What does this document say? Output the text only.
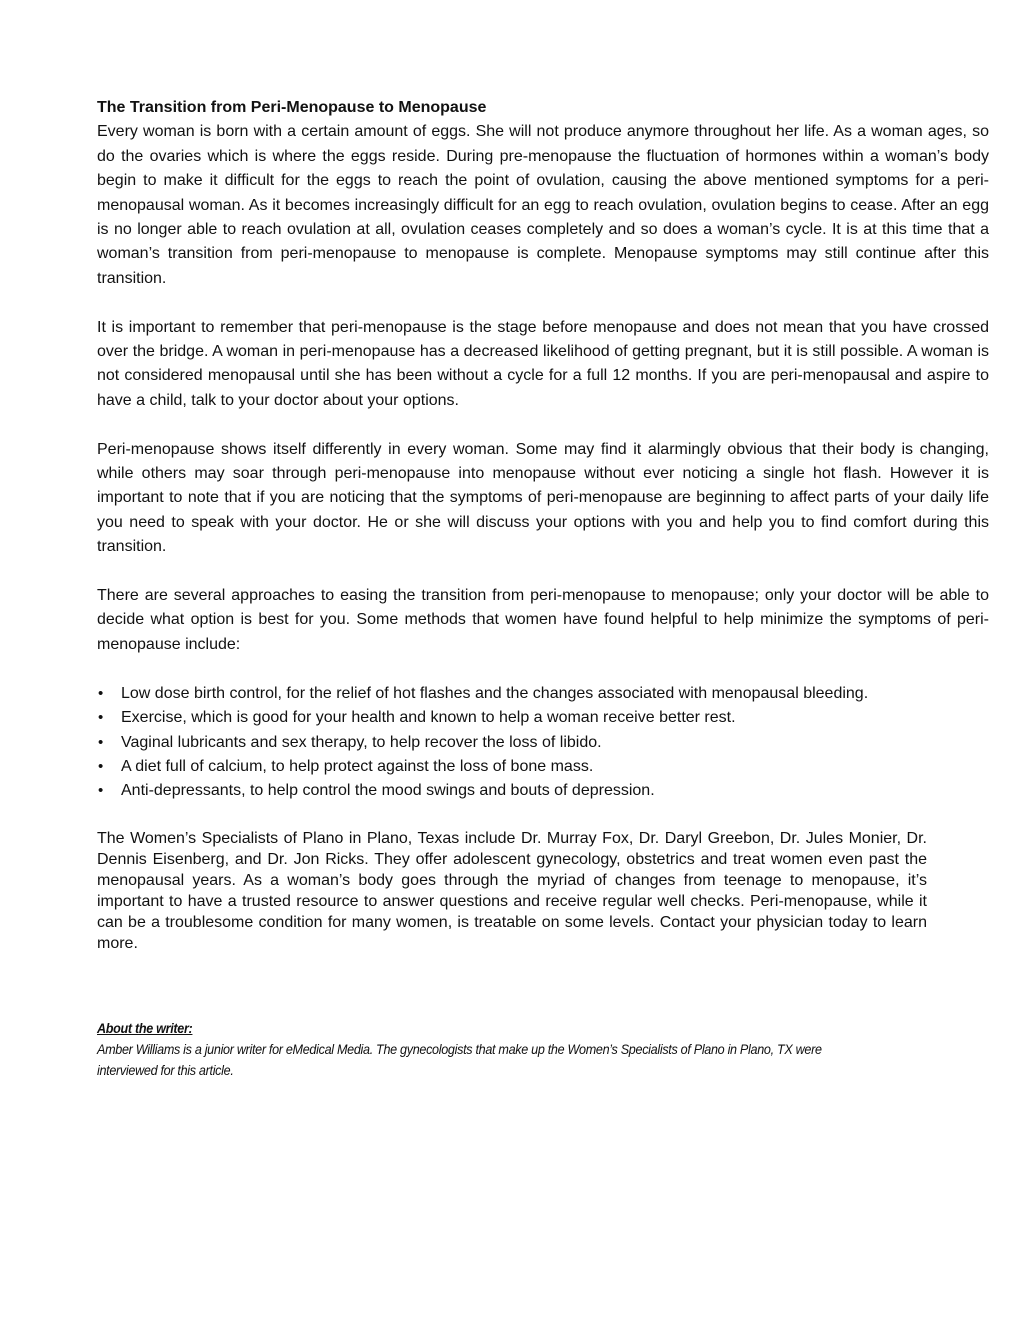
The Transition from Peri-Menopause to Menopause

Every woman is born with a certain amount of eggs. She will not produce anymore throughout her life. As a woman ages, so do the ovaries which is where the eggs reside. During pre-menopause the fluctuation of hormones within a woman’s body begin to make it difficult for the eggs to reach the point of ovulation, causing the above mentioned symptoms for a peri-menopausal woman. As it becomes increasingly difficult for an egg to reach ovulation, ovulation begins to cease. After an egg is no longer able to reach ovulation at all, ovulation ceases completely and so does a woman’s cycle. It is at this time that a woman’s transition from peri-menopause to menopause is complete. Menopause symptoms may still continue after this transition.

It is important to remember that peri-menopause is the stage before menopause and does not mean that you have crossed over the bridge. A woman in peri-menopause has a decreased likelihood of getting pregnant, but it is still possible. A woman is not considered menopausal until she has been without a cycle for a full 12 months. If you are peri-menopausal and aspire to have a child, talk to your doctor about your options.

Peri-menopause shows itself differently in every woman. Some may find it alarmingly obvious that their body is changing, while others may soar through peri-menopause into menopause without ever noticing a single hot flash. However it is important to note that if you are noticing that the symptoms of peri-menopause are beginning to affect parts of your daily life you need to speak with your doctor. He or she will discuss your options with you and help you to find comfort during this transition.

There are several approaches to easing the transition from peri-menopause to menopause; only your doctor will be able to decide what option is best for you. Some methods that women have found helpful to help minimize the symptoms of peri-menopause include:

• Low dose birth control, for the relief of hot flashes and the changes associated with menopausal bleeding.
• Exercise, which is good for your health and known to help a woman receive better rest.
• Vaginal lubricants and sex therapy, to help recover the loss of libido.
• A diet full of calcium, to help protect against the loss of bone mass.
• Anti-depressants, to help control the mood swings and bouts of depression.

The Women’s Specialists of Plano in Plano, Texas include Dr. Murray Fox, Dr. Daryl Greebon, Dr. Jules Monier, Dr. Dennis Eisenberg, and Dr. Jon Ricks. They offer adolescent gynecology, obstetrics and treat women even past the menopausal years. As a woman’s body goes through the myriad of changes from teenage to menopause, it’s important to have a trusted resource to answer questions and receive regular well checks. Peri-menopause, while it can be a troublesome condition for many women, is treatable on some levels. Contact your physician today to learn more.

About the writer:
Amber Williams is a junior writer for eMedical Media. The gynecologists that make up the Women’s Specialists of Plano in Plano, TX were interviewed for this article.
